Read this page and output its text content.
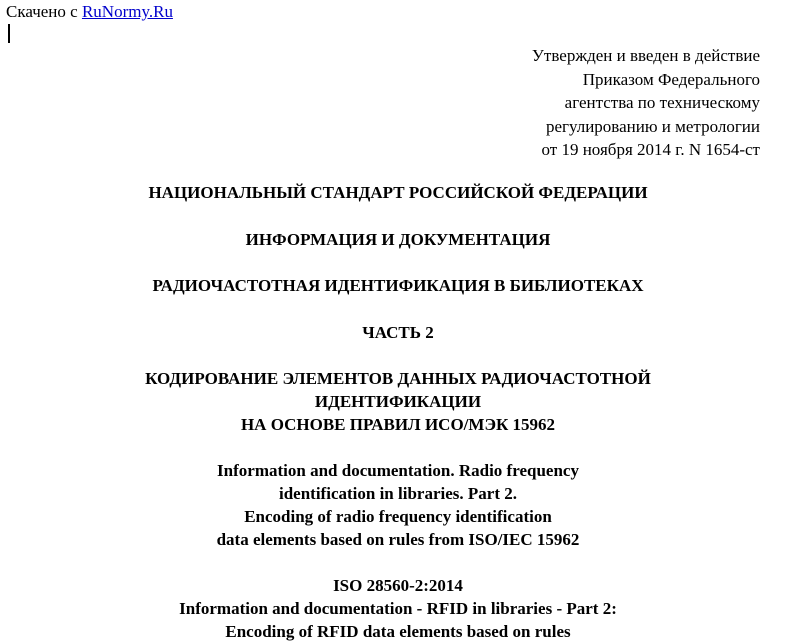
Скачено с RuNormy.Ru
Утвержден и введен в действие
Приказом Федерального
агентства по техническому
регулированию и метрологии
от 19 ноября 2014 г. N 1654-ст
НАЦИОНАЛЬНЫЙ СТАНДАРТ РОССИЙСКОЙ ФЕДЕРАЦИИ
ИНФОРМАЦИЯ И ДОКУМЕНТАЦИЯ
РАДИОЧАСТОТНАЯ ИДЕНТИФИКАЦИЯ В БИБЛИОТЕКАХ
ЧАСТЬ 2
КОДИРОВАНИЕ ЭЛЕМЕНТОВ ДАННЫХ РАДИОЧАСТОТНОЙ
ИДЕНТИФИКАЦИИ
НА ОСНОВЕ ПРАВИЛ ИСО/МЭК 15962
Information and documentation. Radio frequency
identification in libraries. Part 2.
Encoding of radio frequency identification
data elements based on rules from ISO/IEC 15962
ISO 28560-2:2014
Information and documentation - RFID in libraries - Part 2:
Encoding of RFID data elements based on rules
